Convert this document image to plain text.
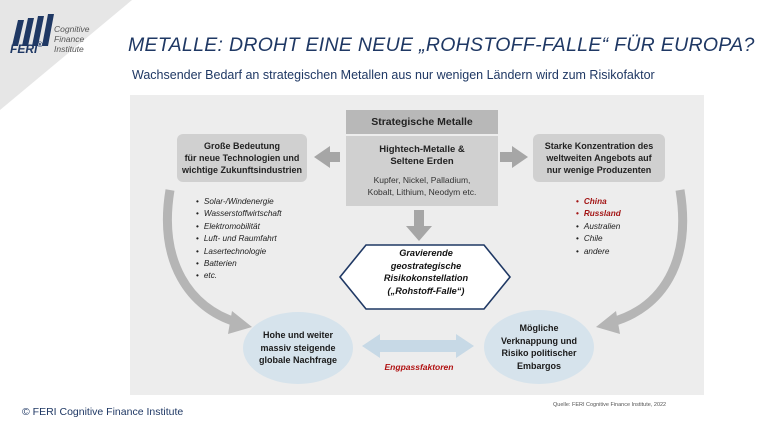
FERI®
Cognitive
Finance
Institute METALLE: DROHT EINE NEUE „ROHSTOFF-FALLE“ FÜR EUROPA?
Wachsender Bedarf an strategischen Metallen aus nur wenigen Ländern wird zum Risikofaktor
Große Bedeutung
für neue Technologien und
wichtige Zukunftsindustrien
Strategische Metalle
Hightech-Metalle &
Seltene Erden
Kupfer, Nickel, Palladium,
Kobalt, Lithium, Neodym etc.
Starke Konzentration des
weltweiten Angebots auf
nur wenige Produzenten
• Solar-/Windenergie
• Wasserstoffwirtschaft
• Elektromobilität
• Luft- und Raumfahrt
• Lasertechnologie
• Batterien
• etc.
• China
• Russland
• Australien
• Chile
• andere
Gravierende
geostrategische
Risikokonstellation
(„Rohstoff-Falle“)
Hohe und weiter
massiv steigende
globale Nachfrage
Mögliche
Verknappung und
Risiko politischer
Embargos
Engpassfaktoren
Quelle: FERI Cognitive Finance Institute, 2022
© FERI Cognitive Finance Institute
